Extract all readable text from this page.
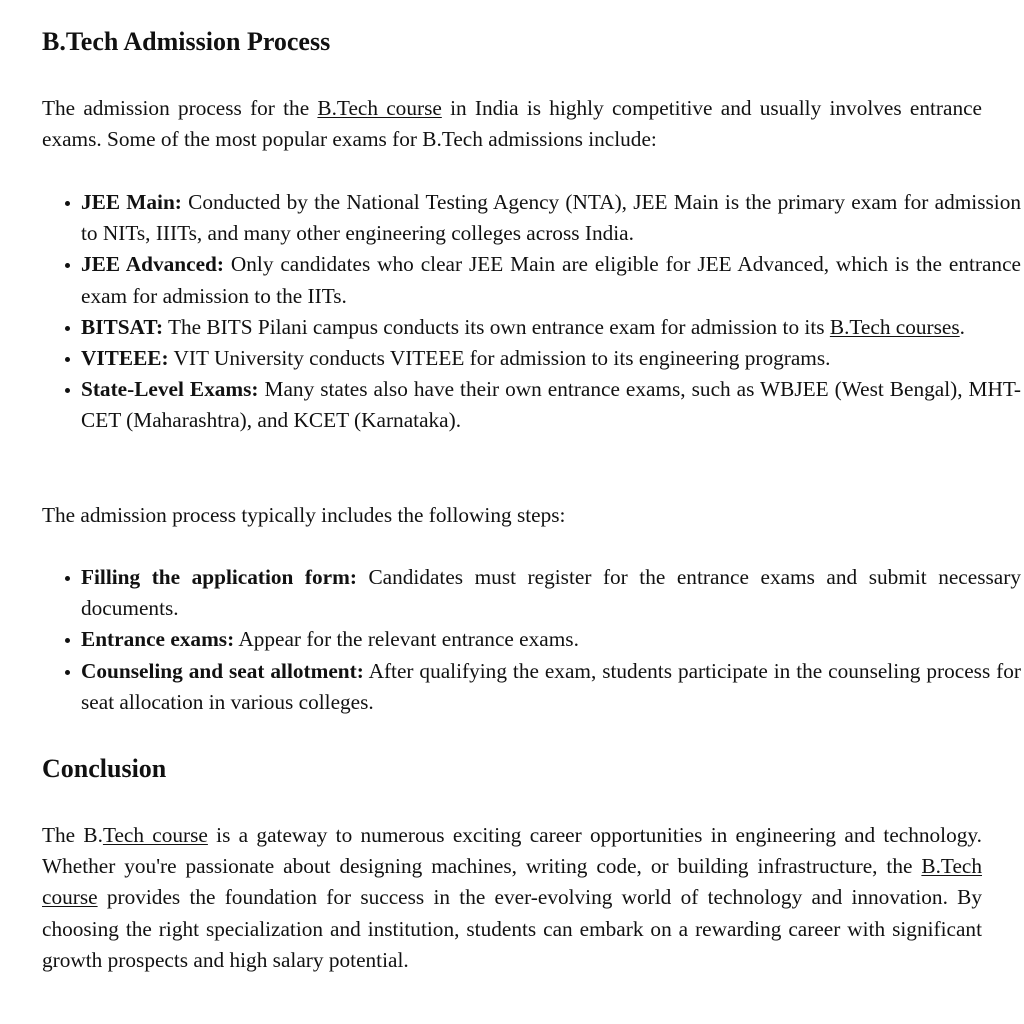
B.Tech Admission Process

The admission process for the B.Tech course in India is highly competitive and usually involves entrance exams. Some of the most popular exams for B.Tech admissions include:

JEE Main: Conducted by the National Testing Agency (NTA), JEE Main is the primary exam for admission to NITs, IIITs, and many other engineering colleges across India.
JEE Advanced: Only candidates who clear JEE Main are eligible for JEE Advanced, which is the entrance exam for admission to the IITs.
BITSAT: The BITS Pilani campus conducts its own entrance exam for admission to its B.Tech courses.
VITEEE: VIT University conducts VITEEE for admission to its engineering programs.
State-Level Exams: Many states also have their own entrance exams, such as WBJEE (West Bengal), MHT-CET (Maharashtra), and KCET (Karnataka).

The admission process typically includes the following steps:

Filling the application form: Candidates must register for the entrance exams and submit necessary documents.
Entrance exams: Appear for the relevant entrance exams.
Counseling and seat allotment: After qualifying the exam, students participate in the counseling process for seat allocation in various colleges.
Conclusion

The B.Tech course is a gateway to numerous exciting career opportunities in engineering and technology. Whether you're passionate about designing machines, writing code, or building infrastructure, the B.Tech course provides the foundation for success in the ever-evolving world of technology and innovation. By choosing the right specialization and institution, students can embark on a rewarding career with significant growth prospects and high salary potential.
